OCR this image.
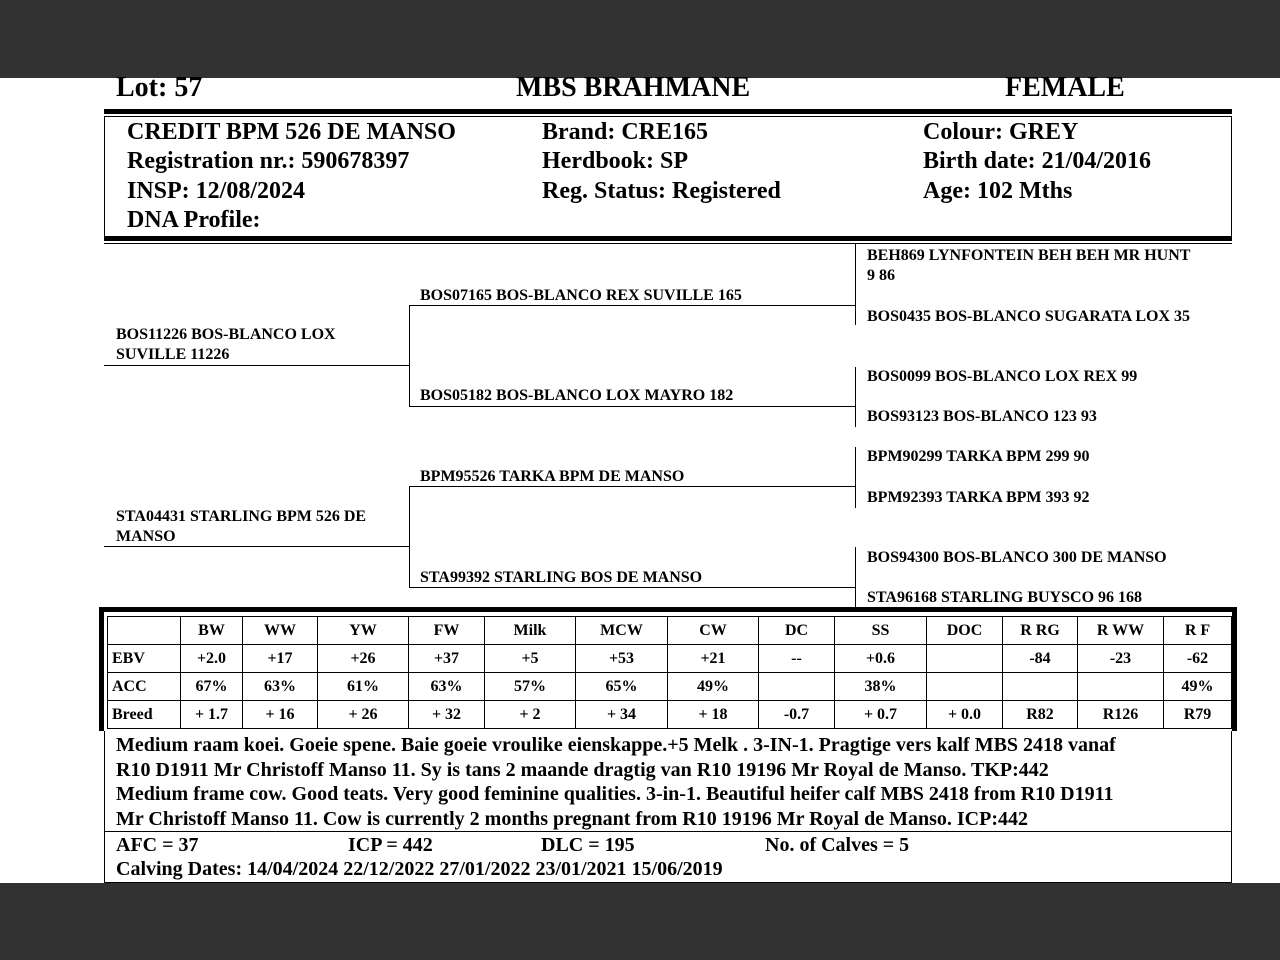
Lot: 57	MBS BRAHMANE	FEMALE
CREDIT BPM 526 DE MANSO
Registration nr.: 590678397
INSP: 12/08/2024
DNA Profile:
Brand: CRE165
Herdbook: SP
Reg. Status: Registered
Colour: GREY
Birth date: 21/04/2016
Age: 102 Mths
BOS11226 BOS-BLANCO LOX
SUVILLE 11226
STA04431 STARLING BPM 526 DE
MANSO
BOS07165 BOS-BLANCO REX SUVILLE 165
BOS05182 BOS-BLANCO LOX MAYRO 182
BPM95526 TARKA BPM DE MANSO
STA99392 STARLING BOS DE MANSO
BEH869 LYNFONTEIN BEH BEH MR HUNT
9 86
BOS0435 BOS-BLANCO SUGARATA LOX 35
BOS0099 BOS-BLANCO LOX REX 99
BOS93123 BOS-BLANCO 123 93
BPM90299 TARKA BPM 299 90
BPM92393 TARKA BPM 393 92
BOS94300 BOS-BLANCO 300 DE MANSO
STA96168 STARLING BUYSCO 96 168
	BW	WW	YW	FW	Milk	MCW	CW	DC	SS	DOC	R RG	R WW	R F
EBV	+2.0	+17	+26	+37	+5	+53	+21	--	+0.6		-84	-23	-62
ACC	67%	63%	61%	63%	57%	65%	49%		38%				49%
Breed	+ 1.7	+ 16	+ 26	+ 32	+ 2	+ 34	+ 18	-0.7	+ 0.7	+ 0.0	R82	R126	R79
Medium raam koei. Goeie spene. Baie goeie vroulike eienskappe.+5 Melk . 3-IN-1. Pragtige vers kalf MBS 2418 vanaf
R10 D1911 Mr Christoff Manso 11. Sy is tans 2 maande dragtig van R10 19196 Mr Royal de Manso. TKP:442
Medium frame cow. Good teats. Very good feminine qualities. 3-in-1. Beautiful heifer calf MBS 2418 from R10 D1911
Mr Christoff Manso 11. Cow is currently 2 months pregnant from R10 19196 Mr Royal de Manso. ICP:442
AFC = 37	ICP = 442	DLC = 195	No. of Calves = 5
Calving Dates: 14/04/2024 22/12/2022 27/01/2022 23/01/2021 15/06/2019
